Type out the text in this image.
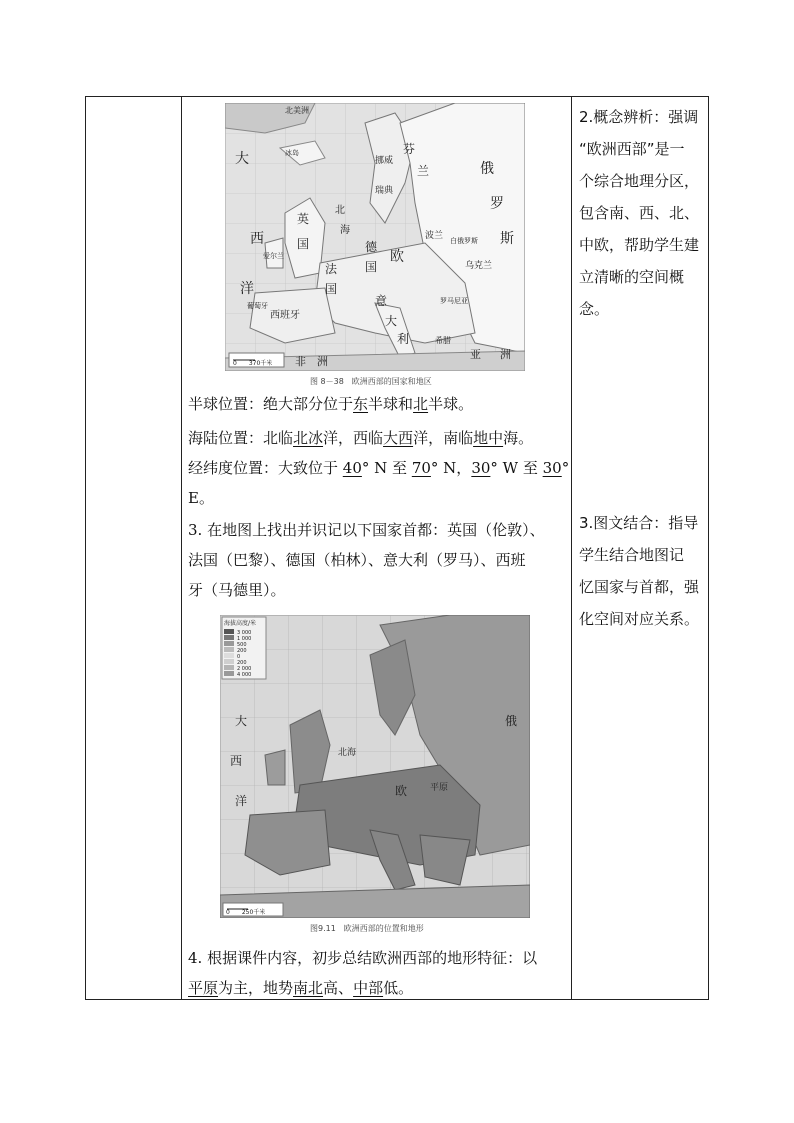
北美洲
冰岛
大
西
洋
英
国
爱尔兰
法
国
西班牙
葡萄牙
德
国
欧
意
大
利
芬
兰	俄
罗
斯
挪威
瑞典
波兰
乌克兰
白俄罗斯
希腊
罗马尼亚
非　洲
亚 洲
北
海
0　　370千米
图 8－38　欧洲西部的国家和地区

半球位置：绝大部分位于东半球和北半球。

海陆位置：北临北冰洋，西临大西洋，南临地中海。

经纬度位置：大致位于 40° N 至 70° N，30° W 至 30°
E。

3. 在地图上找出并识记以下国家首都：英国（伦敦）、
法国（巴黎）、德国（柏林）、意大利（罗马）、西班
牙（马德里）。

海拔高度/米
3 000
1 000
500
200
0
200
2 000
4 000
大
西
洋
北海
欧
俄
平原
0　　250千米
图9.11　欧洲西部的位置和地形

4. 根据课件内容，初步总结欧洲西部的地形特征：以
平原为主，地势南北高、中部低。

2.概念辨析：强调
“欧洲西部”是一
个综合地理分区，
包含南、西、北、
中欧，帮助学生建
立清晰的空间概
念。

3.图文结合：指导
学生结合地图记
忆国家与首都，强
化空间对应关系。
